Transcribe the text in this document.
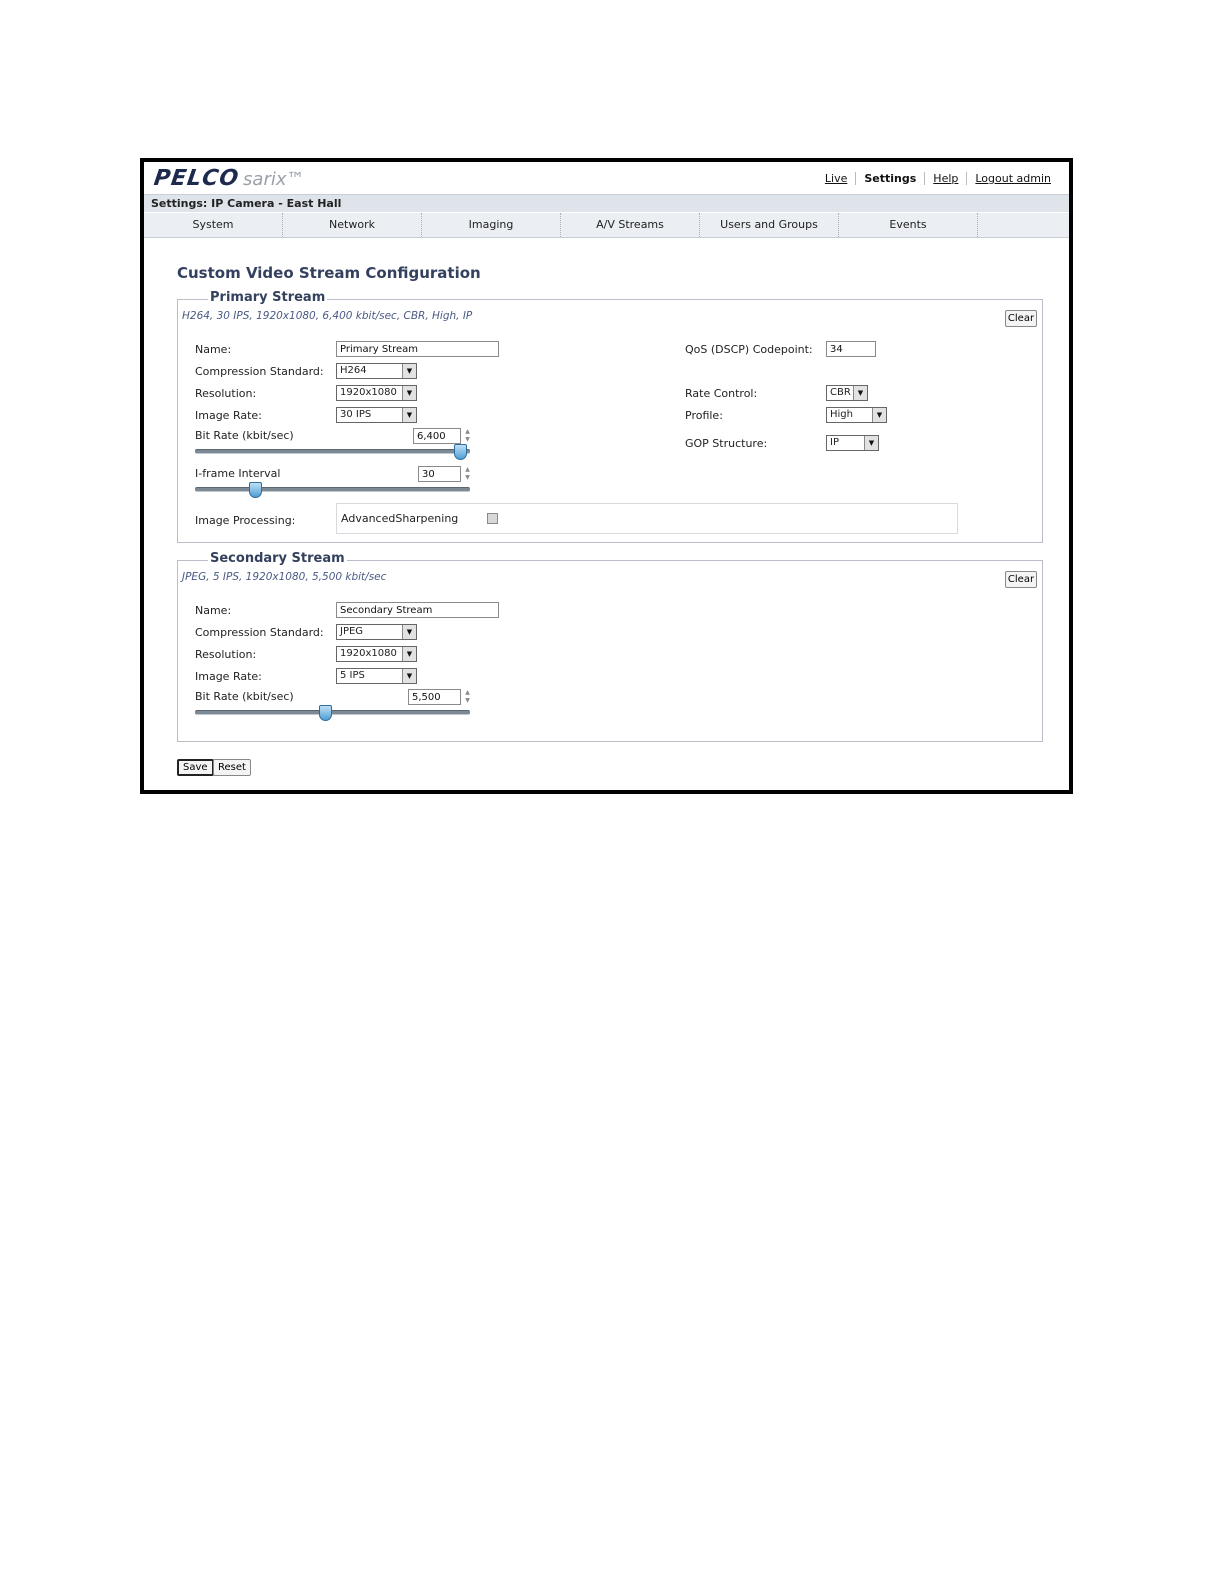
PELCO sarix™	Live	Settings	Help	Logout admin
Settings: IP Camera - East Hall
System	Network	Imaging	A/V Streams	Users and Groups	Events
Custom Video Stream Configuration
Primary Stream
H264, 30 IPS, 1920x1080, 6,400 kbit/sec, CBR, High, IP	Clear
Name:
Primary Stream
Compression Standard:	H264	▼
Resolution:	1920x1080	▼
Image Rate:	30 IPS	▼
Bit Rate (kbit/sec)
6,400	▲
▼
I-frame Interval
30	▲
▼
Image Processing:	AdvancedSharpening
QoS (DSCP) Codepoint:
34
Rate Control:	CBR	▼
Profile:	High	▼
GOP Structure:	IP	▼
Secondary Stream
JPEG, 5 IPS, 1920x1080, 5,500 kbit/sec	Clear
Name:
Secondary Stream
Compression Standard:	JPEG	▼
Resolution:	1920x1080	▼
Image Rate:	5 IPS	▼
Bit Rate (kbit/sec)
5,500	▲
▼
Save	Reset
